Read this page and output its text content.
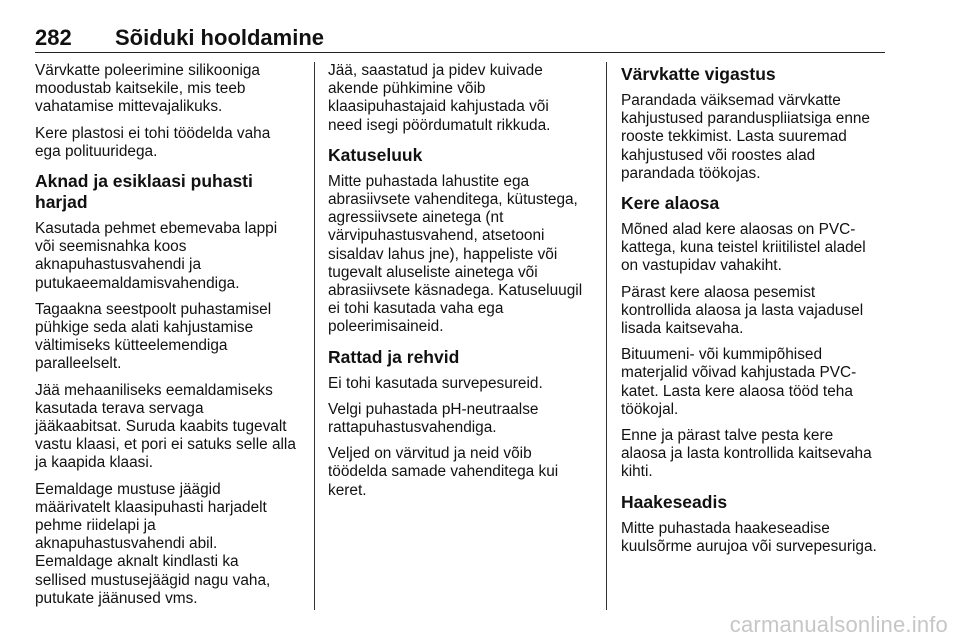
282 Sõiduki hooldamine

Värvkatte poleerimine silikooniga
moodustab kaitsekile, mis teeb
vahatamise mittevajalikuks.

Kere plastosi ei tohi töödelda vaha
ega polituuridega.

Aknad ja esiklaasi puhasti harjad

Kasutada pehmet ebemevaba lappi
või seemisnahka koos
aknapuhastusvahendi ja
putukaeemaldamisvahendiga.

Tagaakna seestpoolt puhastamisel
pühkige seda alati kahjustamise
vältimiseks kütteelemendiga
paralleelselt.

Jää mehaaniliseks eemaldamiseks
kasutada terava servaga
jääkaabitsat. Suruda kaabits tugevalt
vastu klaasi, et pori ei satuks selle alla
ja kaapida klaasi.

Eemaldage mustuse jäägid
määrivatelt klaasipuhasti harjadelt
pehme riidelapi ja
aknapuhastusvahendi abil.
Eemaldage aknalt kindlasti ka
sellised mustusejäägid nagu vaha,
putukate jäänused vms.

Jää, saastatud ja pidev kuivade
akende pühkimine võib
klaasipuhastajaid kahjustada või
need isegi pöördumatult rikkuda.

Katuseluuk

Mitte puhastada lahustite ega
abrasiivsete vahenditega, kütustega,
agressiivsete ainetega (nt
värvipuhastusvahend, atsetooni
sisaldav lahus jne), happeliste või
tugevalt aluseliste ainetega või
abrasiivsete käsnadega. Katuseluugil
ei tohi kasutada vaha ega
poleerimisaineid.

Rattad ja rehvid

Ei tohi kasutada survepesureid.

Velgi puhastada pH-neutraalse
rattapuhastusvahendiga.

Veljed on värvitud ja neid võib
töödelda samade vahenditega kui
keret.

Värvkatte vigastus

Parandada väiksemad värvkatte
kahjustused paranduspliiatsiga enne
rooste tekkimist. Lasta suuremad
kahjustused või roostes alad
parandada töökojas.

Kere alaosa

Mõned alad kere alaosas on PVC-
kattega, kuna teistel kriitilistel aladel
on vastupidav vahakiht.

Pärast kere alaosa pesemist
kontrollida alaosa ja lasta vajadusel
lisada kaitsevaha.

Bituumeni- või kummipõhised
materjalid võivad kahjustada PVC-
katet. Lasta kere alaosa tööd teha
töökojal.

Enne ja pärast talve pesta kere
alaosa ja lasta kontrollida kaitsevaha
kihti.

Haakeseadis

Mitte puhastada haakeseadise
kuulsõrme aurujoa või survepesuriga.

carmanualsonline.info
